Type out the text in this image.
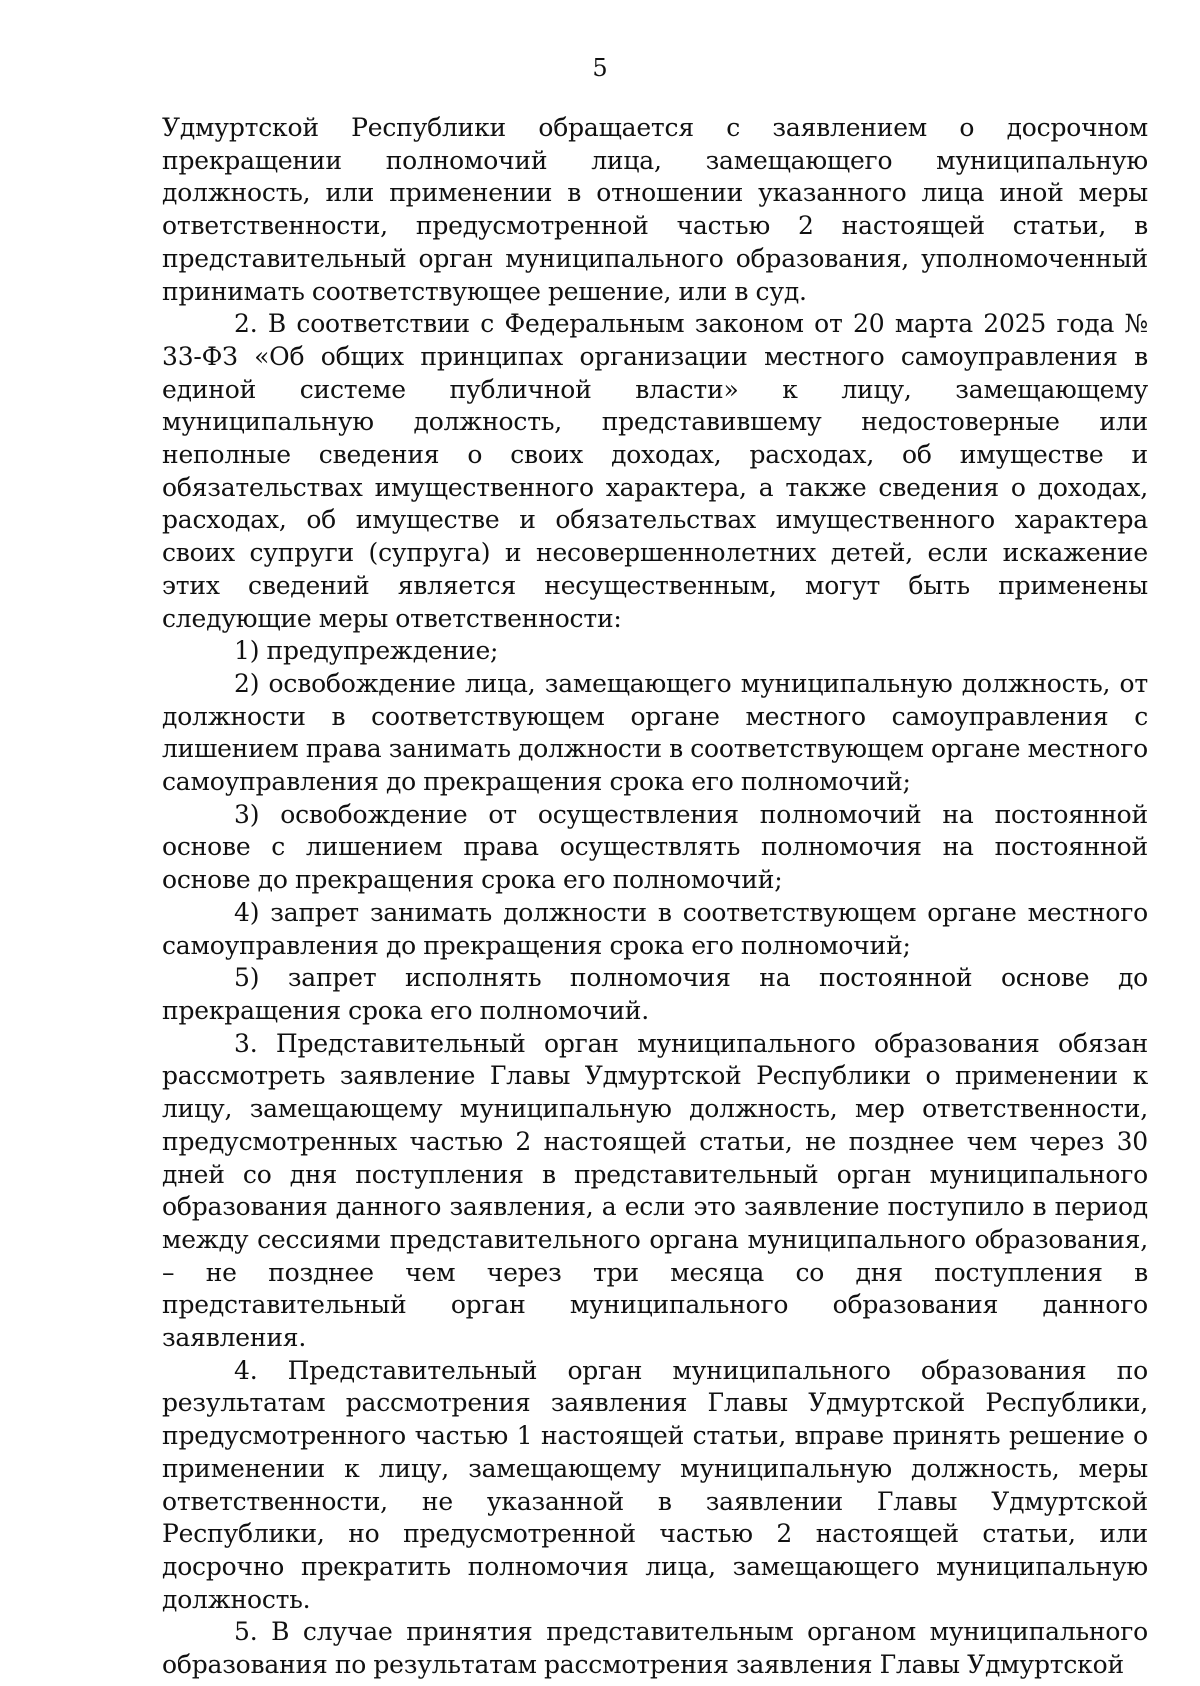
5

Удмуртской Республики обращается с заявлением о досрочном прекращении полномочий лица, замещающего муниципальную должность, или применении в отношении указанного лица иной меры ответственности, предусмотренной частью 2 настоящей статьи, в представительный орган муниципального образования, уполномоченный принимать соответствующее решение, или в суд.

2. В соответствии с Федеральным законом от 20 марта 2025 года № 33-ФЗ «Об общих принципах организации местного самоуправления в единой системе публичной власти» к лицу, замещающему муниципальную должность, представившему недостоверные или неполные сведения о своих доходах, расходах, об имуществе и обязательствах имущественного характера, а также сведения о доходах, расходах, об имуществе и обязательствах имущественного характера своих супруги (супруга) и несовершеннолетних детей, если искажение этих сведений является несущественным, могут быть применены следующие меры ответственности:

1) предупреждение;

2) освобождение лица, замещающего муниципальную должность, от должности в соответствующем органе местного самоуправления с лишением права занимать должности в соответствующем органе местного самоуправления до прекращения срока его полномочий;

3) освобождение от осуществления полномочий на постоянной основе с лишением права осуществлять полномочия на постоянной основе до прекращения срока его полномочий;

4) запрет занимать должности в соответствующем органе местного самоуправления до прекращения срока его полномочий;

5) запрет исполнять полномочия на постоянной основе до прекращения срока его полномочий.

3. Представительный орган муниципального образования обязан рассмотреть заявление Главы Удмуртской Республики о применении к лицу, замещающему муниципальную должность, мер ответственности, предусмотренных частью 2 настоящей статьи, не позднее чем через 30 дней со дня поступления в представительный орган муниципального образования данного заявления, а если это заявление поступило в период между сессиями представительного органа муниципального образования, – не позднее чем через три месяца со дня поступления в представительный орган муниципального образования данного заявления.

4. Представительный орган муниципального образования по результатам рассмотрения заявления Главы Удмуртской Республики, предусмотренного частью 1 настоящей статьи, вправе принять решение о применении к лицу, замещающему муниципальную должность, меры ответственности, не указанной в заявлении Главы Удмуртской Республики, но предусмотренной частью 2 настоящей статьи, или досрочно прекратить полномочия лица, замещающего муниципальную должность.

5. В случае принятия представительным органом муниципального образования по результатам рассмотрения заявления Главы Удмуртской
